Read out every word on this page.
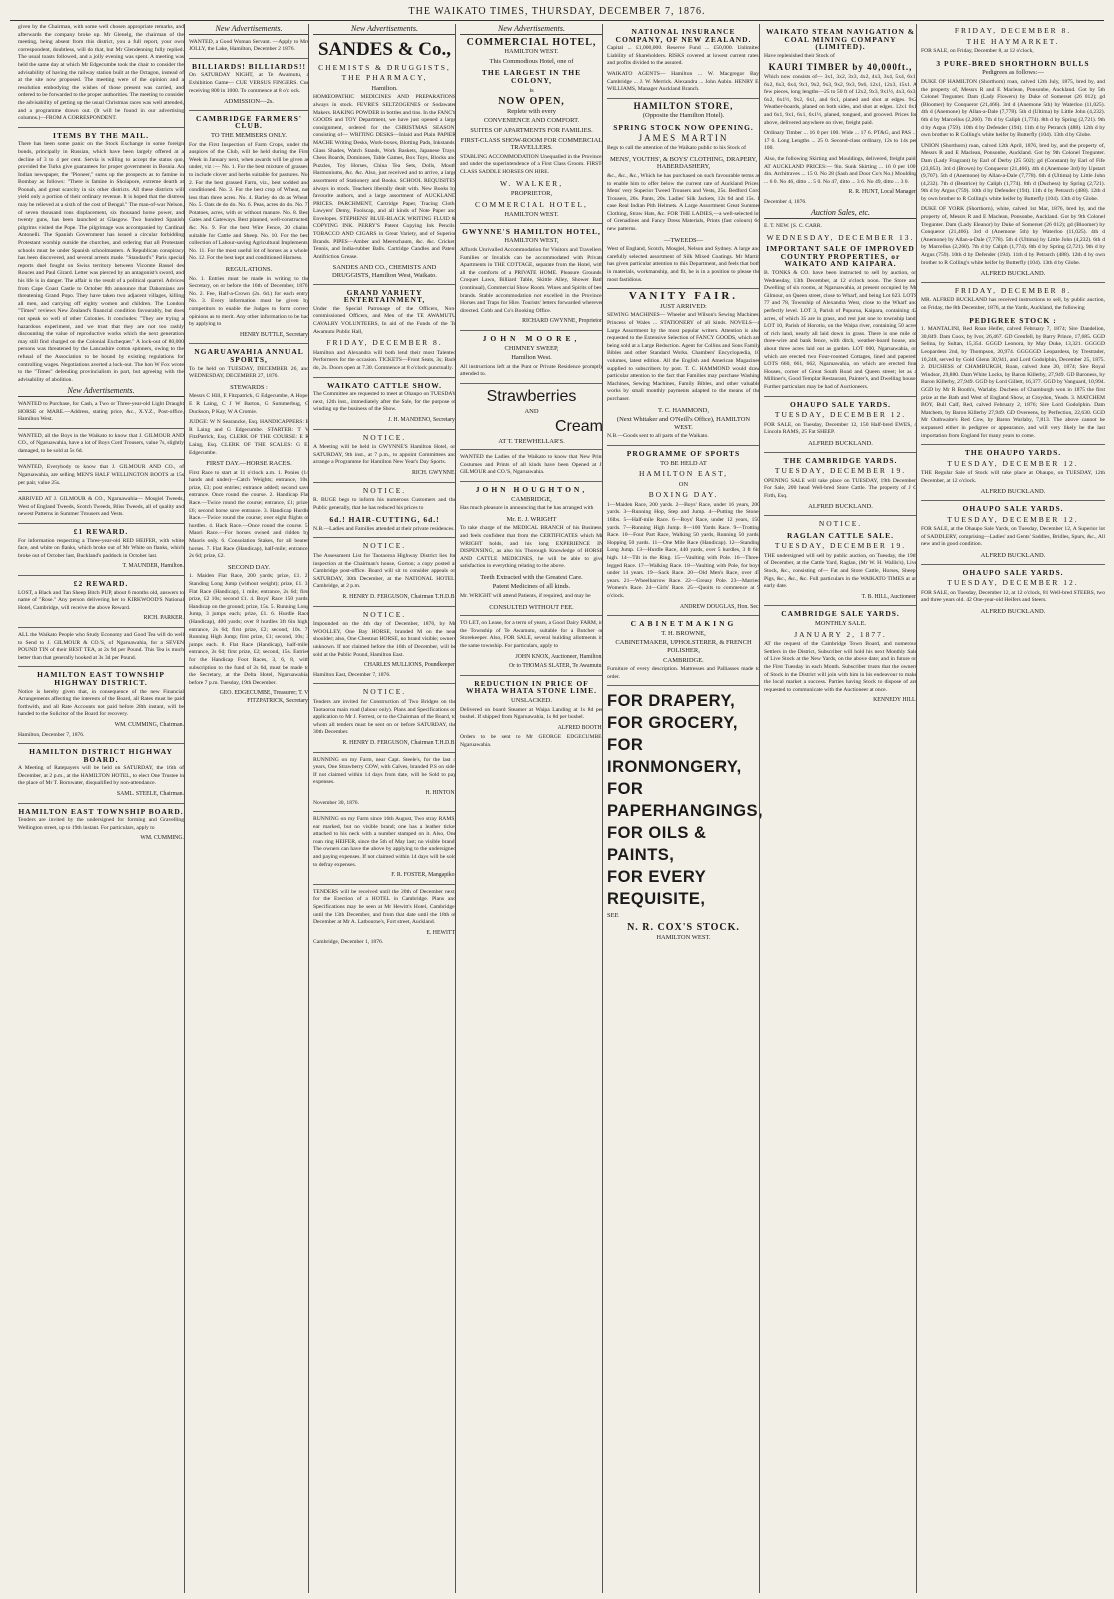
THE WAIKATO TIMES, THURSDAY, DECEMBER 7, 1876.

given by the Chairman, with some well chosen appropriate remarks, and afterwards the company broke up. Mr Glenelg, the chairman of the meeting, being absent from this district, you a full report, your own correspondent, doubtless, will do that, but Mr Glendenning fully replied. The usual toasts followed, and a jolly evening was spent. A meeting was held the same day at which Mr Edgecumbe took the chair to consider the advisability of having the railway station built at the Octagon, instead of at the site now proposed. The meeting were of the opinion and a resolution embodying the wishes of those present was carried, and ordered to be forwarded to the proper authorities. The meeting to consider the advisability of getting up the usual Christmas races was well attended, and a programme drawn out. (It will be found in our advertising columns.)—FROM A CORRESPONDENT.

ITEMS BY THE MAIL.

There has been some panic on the Stock Exchange in some foreign bonds, principally in Russian, which have been largely offered at a decline of 3 to 4 per cent. Servia is willing to accept the status quo, provided the Turks give guarantees for proper government in Bosnia. An Indian newspaper, the "Pioneer," sums up the prospects as to famine in Bombay as follows: "There is famine in Sholapore, extreme dearth at Poonah, and great scarcity in six other districts. All these districts will yield only a portion of their ordinary revenue. It is hoped that the distress may be relieved at a sixth of the cost of Bengal." The man-of-war Nelson, of seven thousand tons displacement, six thousand horse power, and twenty guns, has been launched at Glasgow. Two hundred Spanish pilgrims visited the Pope. The pilgrimage was accompanied by Cardinal Antonelli. The Spanish Government has issued a circular forbidding Protestant worship outside the churches, and ordering that all Protestant schools must be under Spanish schoolmasters. A Republican conspiracy has been discovered, and several arrests made. "Standard's" Paris special reports duel fought on Swiss territory between Vicomte Bassel des Rouces and Paul Girard. Letter was pierced by an antagonist's sword, and his life is in danger. The affair is the result of a political quarrel. Advices from Cape Coast Castle to October 8th announce that Dahomians are threatening Grand Popo. They have taken two adjacent villages, killing all men, and carrying off eighty women and children. The London "Times" reviews New Zealand's financial condition favourably, but does not speak so well of other Colonies. It concludes: "They are trying a hazardous experiment, and we trust that they are not too rashly discounting the value of reproductive works which the next generation may still find charged on the Colonial Exchequer." A lock-out of 80,000 persons was threatened by the Lancashire cotton spinners, owing to the refusal of the Association to be bound by existing regulations for controlling wages. Negotiations averted a lock-out. The hon W Fox wrote to the "Times" defending provincialism in part, but agreeing with the advisability of abolition.

New Advertisements.

WANTED to Purchase, for Cash, a Two or Three-year-old Light Draught HORSE or MARE.—Address, stating price, &c., X.Y.Z., Post-office, Hamilton West.

WANTED, all the Boys in the Waikato to know that J. GILMOUR AND CO., of Ngaruawahia, have a lot of Boys Cord Trousers, value 7s, slightly damaged, to be sold at 5s 6d.

WANTED, Everybody to know that J. GILMOUR AND CO., of Ngaruawahia, are selling MEN'S HALF WELLINGTON BOOTS at 15s per pair, value 25s.

ARRIVED AT J. GILMOUR & CO., Ngaruawahia— Mosgiel Tweeds, West of England Tweeds, Scotch Tweeds, Bliss Tweeds, all of quality and newest Patterns in Summer Trousers and Vests.

£1 REWARD.

For information respecting a Three-year-old RED HEIFER, with white face, and white on flanks, which broke out of Mr White on flanks, which broke out of October last, Buckland's paddock in October last.

T. MAUNDER, Hamilton.
£2 REWARD.

LOST, a Black and Tan Sheep Bitch PUP, about 6 months old, answers to name of "Rose." Any person delivering her to KIRKWOOD'S National Hotel, Cambridge, will receive the above Reward.

RICH. PARKER.

ALL the Waikato People who Study Economy and Good Tea will do well to Send to J. GILMOUR & CO.'S, of Ngaruawahia, for a SEVEN POUND TIN of their BEST TEA, at 2s 9d per Pound. This Tea is much better than that generally hooked at 3s 3d per Pound.

HAMILTON EAST TOWNSHIP HIGHWAY DISTRICT.

Notice is hereby given that, in consequence of the new Financial Arrangements affecting the interests of the Board, all Rates must be paid forthwith, and all Rate Accounts not paid before 28th instant, will be handed to the Solicitor of the Board for recovery.

WM. CUMMING, Chairman.

Hamilton, December 7, 1876.

HAMILTON DISTRICT HIGHWAY BOARD.

A Meeting of Ratepayers will be held on SATURDAY, the 16th of December, at 2 p.m., at the HAMILTON HOTEL, to elect One Trustee in the place of Mr T. Bornwater, disqualified by non-attendance.

SAML. STEELE, Chairman.
HAMILTON EAST TOWNSHIP BOARD.

Tenders are invited by the undersigned for forming and Gravelling Wellington street, up to 19th instant. For particulars, apply to

WM. CUMMING.
New Advertisements.

WANTED, a Good Woman Servant. —Apply to Mrs JOLLY, the Lake, Hamilton, December 2 1876.

BILLIARDS! BILLIARDS!!

On SATURDAY NIGHT, at Te Awamutu, a Exhibition Game— CUE VERSUS FINGERS. Cue receiving 800 in 1000. To commence at 8 o'c ock.

ADMISSION—2s.
CAMBRIDGE FARMERS' CLUB.
TO THE MEMBERS ONLY.

For the First Inspection of Farm Crops, under the auspices of the Club, will be held during the First Week in January next, when awards will be given as under, viz :— No. 1. For the best mixture of grasses, to include clover and herbs suitable for pastures. No. 2. For the best grassed Farm, viz., best sodded and conditioned. No. 3. For the best crop of Wheat, not less than three acres. No. 4. Barley do do as Wheat. No. 5. Oats de do do. No. 6. Peas, acres do do. No. 7. Potatoes, acres, with or without manure. No. 8. Best Gates and Gateways. Best planned, well-constructed, &c. No. 9. For the best Wire Fence, 20 chains, suitable for Cattle and Sheep. No. 10. For the best collection of Labour-saving Agricultural Implements. No. 11. For the most useful lot of horses as a whole. No. 12. For the best kept and conditioned Harness.

REGULATIONS.

No. 1. Entries must be made in writing to the Secretary, on or before the 16th of December, 1876. No. 2. Fee, Half-a-Crown (2s. 6d.) for each entry. No. 3. Every information must be given by competitors to enable the Judges to form correct opinions as to merit. Any other information to be had by applying to

HENRY BUTTLE, Secretary.
NGARUAWAHIA ANNUAL SPORTS,

To be held on TUESDAY, DECEMBER 26, and WEDNESDAY, DECEMBER 27, 1876.

STEWARDS :

Messrs C Hill, E Fitzpatrick, G Edgecumbe, A Hope, E R Laing, C J W Barton, G Summerbug, G Duckson, P Kay, W A Cromie.

JUDGE: W N Searancke, Esq. HANDICAPPERS: E R Laing and G Edgecumbe. STARTER: T V FitzPatrick, Esq. CLERK OF THE COURSE: E R Laing, Esq. CLERK OF THE SCALES: G E. Edgecumbe.

FIRST DAY.—HORSE RACES.

First Race to start at 11 o'clock a.m. 1. Ponies (14 hands and under)—Catch Weights; entrance, 10s; prize, £3; post entries; entrance added; second save entrance. Once round the course. 2. Handicap Flat Race.—Twice round the course; entrance, £1; prize, £6; second horse save entrance. 3. Handicap Hurdle Race.—Twice round the course; over eight flights of hurdles. 4. Hack Race.—Once round the course. 5. Maori Race.—For horses owned and ridden by Maoris only. 6. Consolation Stakes, for all beaten horses. 7. Flat Race (Handicap), half-mile; entrance, 2s 6d; prize, £2.

SECOND DAY.

1. Maiden Flat Race, 200 yards; prize, £1. 2. Standing Long Jump (without weight); prize, £1. 3. Flat Race (Handicap), 1 mile; entrance, 2s 6d; first prize, £2 10s; second £1. 4. Boys' Race 150 yards. Handicap on the ground; prize, 15s. 5. Running Long Jump, 3 jumps each; prize, £1. 6. Hurdle Race (Handicap), 400 yards; over 8 hurdles 3ft 6in high; entrance, 2s 6d; first prize, £2; second, 10s. 7. Running High Jump; first prize, £1; second, 10s; 3 jumps each. 8. Flat Race (Handicap), half-mile; entrance, 2s 6d; first prize, £2; second, 15s. Entries for the Handicap Foot Races, 3, 6, 8, with subscription to the fund of 2s 6d, must be made to the Secretary, at the Delta Hotel, Ngaruawahia, before 7 p.m. Tuesday, 19th December.

GEO. EDGECUMBE, Treasurer; T. V. FITZPATRICK, Secretary.
New Advertisements.
SANDES & Co.,
CHEMISTS & DRUGGISTS,
THE PHARMACY,
Hamilton.

HOMŒOPATHIC MEDICINES AND PREPARATIONS always in stock. FEVRE'S SELTZOGENES or Sodawater Makers. BAKING POWDER in bottles and tins. In the FANCY GOODS and TOY Department, we have just opened a large consignment, ordered for the CHRISTMAS SEASON, consisting of— WRITING DESKS—Inlaid and Plain PAPIER MACHE Writing Desks, Work-boxes, Blotting Pads, Inkstands, Glass Shades, Watch Stands, Work Baskets, Japanese Trays, Chess Boards, Dominoes, Table Games, Box Toys, Blocks and Puzzles, Toy Horses, China Tea Sets, Dolls, Mouth Harmoniums, &c. &c. Also, just received and to arrive, a large assortment of Stationery and Books. SCHOOL REQUISITES always in stock. Teachers liberally dealt with. New Books by favourite authors, and a large assortment of AUCKLAND PRICES. PARCHMENT, Cartridge Paper, Tracing Cloth, Lawyers' Demy, Foolscap, and all kinds of Note Paper and Envelopes. STEPHENS' BLUE-BLACK WRITING FLUID & COPYING INK. PERRY'S Patent Copying Ink Pencils. TOBACCO AND CIGARS in Great Variety, and of Superior Brands. PIPES—Amber and Meerschaum, &c. &c. Cricket, Tennis, and India-rubber Balls. Cartridge Candles and Patent Antifriction Grease.

SANDES AND CO., CHEMISTS AND DRUGGISTS, Hamilton West, Waikato.
GRAND VARIETY ENTERTAINMENT,

Under the Special Patronage of the Officers, Non-commissioned Officers, and Men of the TE AWAMUTU CAVALRY VOLUNTEERS, In aid of the Funds of the Te Awamutu Public Hall,

FRIDAY, DECEMBER 8.

Hamilton and Alexandra will both lend their most Talented Performers for the occasion. TICKETS—Front Seats, 3s; Back do, 2s. Doors open at 7.30. Commence at 8 o'clock punctually.

WAIKATO CATTLE SHOW.

The Committee are requested to meet at Ohaupo on TUESDAY next, 12th inst., immediately after the Sale, for the purpose of winding up the business of the Show.

J. H. MANDENO, Secretary.
NOTICE.

A Meeting will be held in GWYNNE'S Hamilton Hotel, on SATURDAY, 9th inst., at 7 p.m., to appoint Committees and arrange a Programme for Hamilton New Year's Day Sports.

RICH. GWYNNE.
NOTICE.

R. BUGE begs to inform his numerous Customers and the Public generally, that he has reduced his prices to

6d.! HAIR-CUTTING, 6d.!

N.B.—Ladies and Families attended at their private residences.

NOTICE.

The Assessment List for Taotaoroa Highway District lies for inspection at the Chairman's house, Gorton; a copy posted at Cambridge post-office. Board will sit to consider appeals on SATURDAY, 30th December, at the NATIONAL HOTEL, Cambridge, at 2 p.m.

R. HENRY D. FERGUSON, Chairman T.H.D.B.
NOTICE.

Impounded on the 4th day of December, 1876, by Mr WOOLLEY, One Bay HORSE, branded M on the near shoulder; also, One Chestnut HORSE, no brand visible; owners unknown. If not claimed before the 16th of December, will be sold at the Public Pound, Hamilton East.

CHARLES MULLIONS, Poundkeeper.

Hamilton East, December 7, 1876.

NOTICE.

Tenders are invited for Construction of Two Bridges on the Taotaoroa main road (labour only). Plans and Specifications on application to Mr J. Forrest, or to the Chairman of the Board, to whom all tenders must be sent on or before SATURDAY, the 30th December.

R. HENRY D. FERGUSON, Chairman T.H.D.B.

RUNNING on my Farm, near Capt. Steele's, for the last 4 years, One Strawberry COW, with Calves, branded P.S on side. If not claimed within 14 days from date, will be Sold to pay expenses.

H. HINTON.

November 30, 1876.

RUNNING on my Farm since 16th August, Two stray RAMS; ear marked, but no visible brand; one has a leather ticket attached to his neck with a number stamped on it. Also, One roan ring HEIFER, since the 5th of May last; no visible brand. The owners can have the above by applying to the undersigned and paying expenses. If not claimed within 14 days will be sold to defray expenses.

F. R. FOSTER, Mangapiko.

TENDERS will be received until the 20th of December next, for the Erection of a HOTEL in Cambridge. Plans and Specifications may be seen at Mr Hewitt's Hotel, Cambridge, until the 13th December, and from that date until the 18th of December at Mr A. Latbourne's, Fort street, Auckland.

E. HEWITT.

Cambridge, December 1, 1876.

New Advertisements.
COMMERCIAL HOTEL,
HAMILTON WEST.
This Commodious Hotel, one of
THE LARGEST IN THE COLONY,
is
NOW OPEN,
Replete with every
CONVENIENCE AND COMFORT.
SUITES OF APARTMENTS FOR FAMILIES.
FIRST-CLASS SHOW-ROOM FOR COMMERCIAL TRAVELLERS.

STABLING ACCOMMODATION Unequalled in the Province, and under the superintendence of a First Class Groom. FIRST-CLASS SADDLE HORSES ON HIRE.

W. WALKER,
PROPRIETOR,
COMMERCIAL HOTEL,
HAMILTON WEST.
GWYNNE'S HAMILTON HOTEL,
HAMILTON WEST,

Affords Unrivalled Accommodation for Visitors and Travellers. Families or Invalids can be accommodated with Private Apartments in THE COTTAGE, separate from the Hotel, with all the comforts of a PRIVATE HOME. Pleasure Grounds, Croquet Lawn, Billiard Table, Skittle Alley, Shower Bath (continual), Commercial Show Room. Wines and Spirits of best brands. Stable accommodation not excelled in the Province. Horses and Traps for Hire. Tourists' letters forwarded wherever directed. Cobb and Co's Booking Office.

RICHARD GWYNNE, Proprietor.
JOHN MOORE,
CHIMNEY SWEEP,
Hamilton West.

All instructions left at the Punt or Private Residence promptly attended to.

Strawberries
AND
Cream
AT T. TREWHELLAR'S.

WANTED the Ladies of the Waikato to know that New Print Costumes and Prints of all kinds have been Opened at J. GILMOUR and CO.'S, Ngaruawahia.

JOHN HOUGHTON,
CAMBRIDGE,

Has much pleasure in announcing that he has arranged with

Mr. E. J. WRIGHT

To take charge of the MEDICAL BRANCH of his Business, and feels confident that from the CERTIFICATES which Mr WRIGHT holds, and his long EXPERIENCE IN DISPENSING, as also his Thorough Knowledge of HORSE AND CATTLE MEDICINES, he will be able to give satisfaction in everything relating to the above.

Teeth Extracted with the Greatest Care.
Patent Medicines of all kinds.

Mr. WRIGHT will attend Patients, if required, and may be

CONSULTED WITHOUT FEE.

TO LET, on Lease, for a term of years, a Good Dairy FARM, in the Township of Te Awamutu, suitable for a Butcher or Storekeeper. Also, FOR SALE, several building allotments in the same township. For particulars, apply to

JOHN KNOX, Auctioneer, Hamilton;
Or to THOMAS SLATER, Te Awamutu.
REDUCTION IN PRICE OF WHATA WHATA STONE LIME.
UNSLACKED.

Delivered on board Steamer at Waipa Landing at 1s 8d per bushel. If shipped from Ngaruawahia, 1s 8d per bushel.

ALFRED BOOTH.

Orders to be sent to Mr GEORGE EDGECUMBE, Ngaruawahia.

NATIONAL INSURANCE COMPANY, OF NEW ZEALAND.

Capital ... £1,000,000. Reserve Fund ... £50,000. Unlimited Liability of Shareholders. RISKS covered at lowest current rates, and profits divided to the assured.

WAIKATO AGENTS— Hamilton ... W. Macgregor Bay. Cambridge ... J. W. Merrick. Alexandra ... John Aubin. HENRY E. WILLIAMS, Manager Auckland Branch.

HAMILTON STORE,
(Opposite the Hamilton Hotel).
SPRING STOCK NOW OPENING.
JAMES MARTIN

Begs to call the attention of the Waikato public to his Stock of

MENS', YOUTHS', & BOYS' CLOTHING, DRAPERY, HABERDASHERY,

&c., &c., &c., Which he has purchased on such favourable terms as to enable him to offer below the current rate of Auckland Prices. Mens' very Superior Tweed Trousers and Vests, 25s. Bedford Cord Trousers, 20s. Pants, 20s. Ladies' Silk Jackets, 12s 6d and 15s. 1 case Real Indian Pith Helmets. A Large Assortment Great Summer Clothing, Straw Hats, &c. FOR THE LADIES,—a well-selected lot of Grenadines and Fancy Dress Materials, Prints (fast colours) 6d new patterns.

—TWEEDS—

West of England, Scotch, Mosgiel, Nelson and Sydney. A large and carefully selected assortment of Silk Mixed Coatings. Mr Martin has given particular attention to this Department, and feels that both in materials, workmanship, and fit, he is in a position to please the most fastidious.

VANITY FAIR.
JUST ARRIVED:

SEWING MACHINES— Wheeler and Wilson's Sewing Machines. Princess of Wales ... STATIONERY of all kinds. NOVELS—a Large Assortment by the most popular writers. Attention is also requested to the Extensive Selection of FANCY GOODS, which are being sold at a Large Reduction. Agent for Collins and Sons Family Bibles and other Standard Works. Chambers' Encyclopædia, 10 volumes, latest edition. All the English and American Magazines supplied to subscribers by post. T. C. HAMMOND would draw particular attention to the fact that Families may purchase Washing Machines, Sewing Machines, Family Bibles, and other valuable works by small monthly payments adapted to the means of the purchaser.

T. C. HAMMOND,
(Next Whitaker and O'Neill's Office), HAMILTON WEST.

N.B.—Goods sent to all parts of the Waikato.

PROGRAMME OF SPORTS
TO BE HELD AT
HAMILTON EAST,
ON
BOXING DAY.

1—Maiden Race, 200 yards. 2—Boys' Race, under 16 years, 200 yards. 3—Running Hop, Step and Jump. 4—Putting the Stone, 16lbs. 5—Half-mile Race. 6—Boys' Race, under 12 years, 150 yards. 7—Running High Jump. 8—100 Yards Race. 9—Trotting Race. 10—Four Part Race, Walking 50 yards, Running 50 yards, Hopping 50 yards. 11—One Mile Race (Handicap). 12—Standing Long Jump. 13—Hurdle Race, 440 yards, over 5 hurdles, 3 ft 6in high. 14—Tilt in the Ring. 15—Vaulting with Pole. 16—Three-legged Race. 17—Walking Race. 18—Vaulting with Pole, for boys under 14 years. 19—Sack Race. 20—Old Men's Race, over 45 years. 21—Wheelbarrow Race. 22—Greasy Pole. 23—Married Women's Race. 24—Girls' Race. 25—Quoits to commence at 9 o'clock.

ANDREW DOUGLAS, Hon. Sec.
CABINETMAKING
T. H. BROWNE,
CABINETMAKER, UPHOLSTERER, & FRENCH POLISHER,
CAMBRIDGE.

Furniture of every description. Mattresses and Palliasses made to order.

FOR DRAPERY,
FOR GROCERY,
FOR IRONMONGERY,
FOR PAPERHANGINGS,
FOR OILS & PAINTS,
FOR EVERY REQUISITE,
SEE
N. R. COX'S STOCK.
HAMILTON WEST.
WAIKATO STEAM NAVIGATION & COAL MINING COMPANY (LIMITED).

Have replenished their Stock of

KAURI TIMBER by 40,000ft.,

Which now consists of— 3x1, 3x2, 3x3, 4x2, 4x3, 3x4, 5x4, 6x1, 6x2, 6x3, 6x4, 9x1, 9x2, 9x3, 9x2, 9x3, 9x6, 12x1, 12x3, 15x1. A few pieces, long lengths—25 to 50 ft of 12x2, 9x3, 9x1½, 4x3, 6x3, 6x2, 6x1½, 9x2, 6x1, and 6x1, planed and shot at edges. 9x2 Weather-boards, planed on both sides, and shot at edges. 12x1 6x1 and 6x1, 9x1, 6x1, 6x1½, planed, tongued, and grooved. Prices for above, delivered anywhere on river, freight paid.

Ordinary Timber ... 16 0 per 100. Wide ... 17 6. PT&G, and PAS ... 17 6. Long Lengths ... 25 0. Second-class ordinary, 12s to 14s per 100.

Also, the following Skirting and Mouldings, delivered, freight paid, AT AUCKLAND PRICES:— 9in. Sunk Skirting ... 16 0 per 100. 4in. Architraves ... 15 0. No 28 (Sash and Door Co's No.) Moulding ... 6 0. No 46, ditto ... 5 0. No 47, ditto ... 3 6. No 49, ditto ... 3 0.

R. R. HUNT, Local Manager.

December 4, 1876.

Auction Sales, etc.

E. T. NEW. [S. C. CARR.

WEDNESDAY, DECEMBER 13.
IMPORTANT SALE OF IMPROVED COUNTRY PROPERTIES, or WAIKATO AND KAIPARA.

B. TONKS & CO. have been instructed to sell by auction, on Wednesday, 13th December, at 12 o'clock noon. The Store and Dwelling of six rooms, at Ngaruawahia, at present occupied by Mr Gilmour, on Queen street, close to Wharf, and being Lot 623. LOTS 77 and 78, Township of Alexandra West, close to the Wharf and perfectly level. LOT 3, Parish of Pupuroa, Kaipara, containing 42 acres, of which 35 are in grass, and rest just one to township land. LOT 10, Parish of Horotiu, on the Waipa river, containing 50 acres of rich land, nearly all laid down in grass. There is one mile of three-wire and bank fence, with ditch, weather-board house, and about three acres laid out as garden. LOT 600, Ngaruawahia, on which are erected two Four-roomed Cottages, lined and papered. LOTS 660, 661, 662, Ngaruawahia, on which are erected four Houses, corner of Great South Road and Queen street; let as a Milliner's, Good Templar Restaurant, Painter's, and Dwelling house. Further particulars may be had of Auctioneers.

OHAUPO SALE YARDS.
TUESDAY, DECEMBER 12.

FOR SALE, on Tuesday, December 12, 150 Half-bred EWES, 4 Lincoln RAMS, 25 Fat SHEEP.

ALFRED BUCKLAND.
THE CAMBRIDGE YARDS.
TUESDAY, DECEMBER 19.

OPENING SALE will take place on TUESDAY, 19th December, For Sale, 200 head Well-bred Store Cattle. The property of J C Firth, Esq.

ALFRED BUCKLAND.
NOTICE.
RAGLAN CATTLE SALE.
TUESDAY, DECEMBER 19.

THE undersigned will sell by public auction, on Tuesday, the 19th of December, at the Cattle Yard, Raglan, (Mr W. H. Wallis's), Live Stock, &c., consisting of— Fat and Store Cattle, Horses, Sheep, Pigs, &c., &c., &c. Full particulars in the WAIKATO TIMES at an early date.

T. B. HILL, Auctioneer.
CAMBRIDGE SALE YARDS.
MONTHLY SALE.
JANUARY 2, 1877.

AT the request of the Cambridge Town Board, and numerous Settlers in the District, Subscriber will hold his next Monthly Sale of Live Stock at the New Yards, on the above date; and in future on the First Tuesday in each Month. Subscriber trusts that the owners of Stock in the District will join with him in his endeavour to make the local market a success. Parties having Stock to dispose of are requested to communicate with the Auctioneer at once.

KENNEDY HILL.
FRIDAY, DECEMBER 8.
THE HAYMARKET.

FOR SALE, on Friday, December 8, at 12 o'clock,

3 PURE-BRED SHORTHORN BULLS
Pedigrees as follows:—

DUKE OF HAMILTON (Shorthorn) roan, calved 12th July, 1875, bred by, and the property of, Messrs R and E Maclean, Ponsonbe, Auckland. Got by 5th Colonel Tregunter. Dam (Lady Flowers) by Duke of Somerset (26 012); gd (Bloomer) by Conqueror (21,466). 3rd d (Anemone 5th) by Waterloo (11,025). 4th d (Anemone) by Allan-a-Dale (7,778). 5th d (Ultima) by Little John (4,232). 6th d by Marcellus (2,260). 7th d by Caliph (1,774). 8th d by Spring (2,721). 9th d by Argus (759). 10th d by Defender (194). 11th d by Petrarch (488). 12th d by own brother to R Colling's white heifer by Butterfly (104). 13th d by Globe.

UNION (Shorthorn) roan, calved 12th April, 1876, bred by, and the property of, Messrs R and E Maclean, Ponsonbe, Auckland. Got by 9th Colonel Tregunter. Dam (Lady Fragrant) by Earl of Derby (25 502); gd (Constant) by Earl of Fife (23,853). 3rd d (Brown) by Conqueror (21,466). 4th d (Anemone 3rd) by Upstart (9,707). 5th d (Anemone) by Allan-a-Dale (7,778). 6th d (Ultima) by Little John (4,232). 7th d (Beatrice) by Caliph (1,774). 8th d (Duchess) by Spring (2,721). 9th d by Argus (759). 10th d by Defender (194). 11th d by Petrarch (488). 12th d by own brother to R Colling's white heifer by Butterfly (104). 13th d by Globe.

DUKE OF YORK (Shorthorn), white, calved 1st Mar, 1876, bred by, and the property of, Messrs R and E Maclean, Ponsonbe, Auckland. Got by 9th Colonel Tregunter. Dam (Lady Eleanor) by Duke of Somerset (26 012); gd (Bloomer) by Conqueror (21,466). 3rd d (Anemone 5th) by Waterloo (11,025). 4th d (Anemone) by Allan-a-Dale (7,778). 5th d (Ultima) by Little John (4,232). 6th d by Marcellus (2,260). 7th d by Caliph (1,774). 8th d by Spring (2,721). 9th d by Argus (759). 10th d by Defender (194). 11th d by Petrarch (488). 12th d by own brother to R Colling's white heifer by Butterfly (104). 13th d by Globe.

ALFRED BUCKLAND.
FRIDAY, DECEMBER 8.

MR. ALFRED BUCKLAND has received instructions to sell, by public auction, on Friday, the 8th December, 1876, at the Yards, Auckland, the following

PEDIGREE STOCK :

1. MANTALINI, Red Roan Heifer, calved February 7, 1874; Sire Dandelion, 30,849. Dam Coox, by Ivor, 26,467. GD Grenfell, by Barry Prince, 17,685. GGD Selina, by Sultan, 15,354. GGGD Leonora, by May Duke, 13,321. GGGGD Leopardess 2nd, by Thompson, 20,974. GGGGGD Leopardess, by Trestrader, 10,248, served by Gold Glenn 30,941, and Lord Godolphin, December 25, 1875. 2. DUCHESS of CHAMBURGH, Roan, calved June 20, 1874; Sire Royal Windsor, 29,880. Dam White Locks, by Baron Killerby, 27,949. GD Baroness, by Baron Killerby, 27,949. GGD by Lord Gillett, 16,377. GGD by Vanguard, 10,994. GGD by Mr R Booth's, Warlaby. Duchess of Chamburgh won in 1875 the first prize at the Bath and West of England Show, at Croydon, Yeads. 3. MATCHEM BOY, Bull Calf, Red, calved February 2, 1876; Sire Lord Godolphin. Dam Matchem, by Baron Killerby 27,949. GD Overeens, by Perfection, 22,630. GGD Mr Outhwaite's Red Cow, by Baron Warlaby, 7,813. The above cannot be surpassed either in pedigree or appearance, and will very likely be the last importation from England for many years to come.

THE OHAUPO YARDS.
TUESDAY, DECEMBER 12.

THE Regular Sale of Stock will take place at Ohaupo, on TUESDAY, 12th December, at 12 o'clock.

ALFRED BUCKLAND.
OHAUPO SALE YARDS.
TUESDAY, DECEMBER 12.

FOR SALE, at the Ohaupo Sale Yards, on Tuesday, December 12, A Superior lot of SADDLERY, comprising—Ladies' and Gents' Saddles, Bridles, Spurs, &c., All new and in good condition.

ALFRED BUCKLAND.
OHAUPO SALE YARDS.
TUESDAY, DECEMBER 12.

FOR SALE, on Tuesday, December 12, at 12 o'clock, 81 Well-bred STEERS, two and three years old. 42 One-year-old Heifers and Steers.

ALFRED BUCKLAND.
